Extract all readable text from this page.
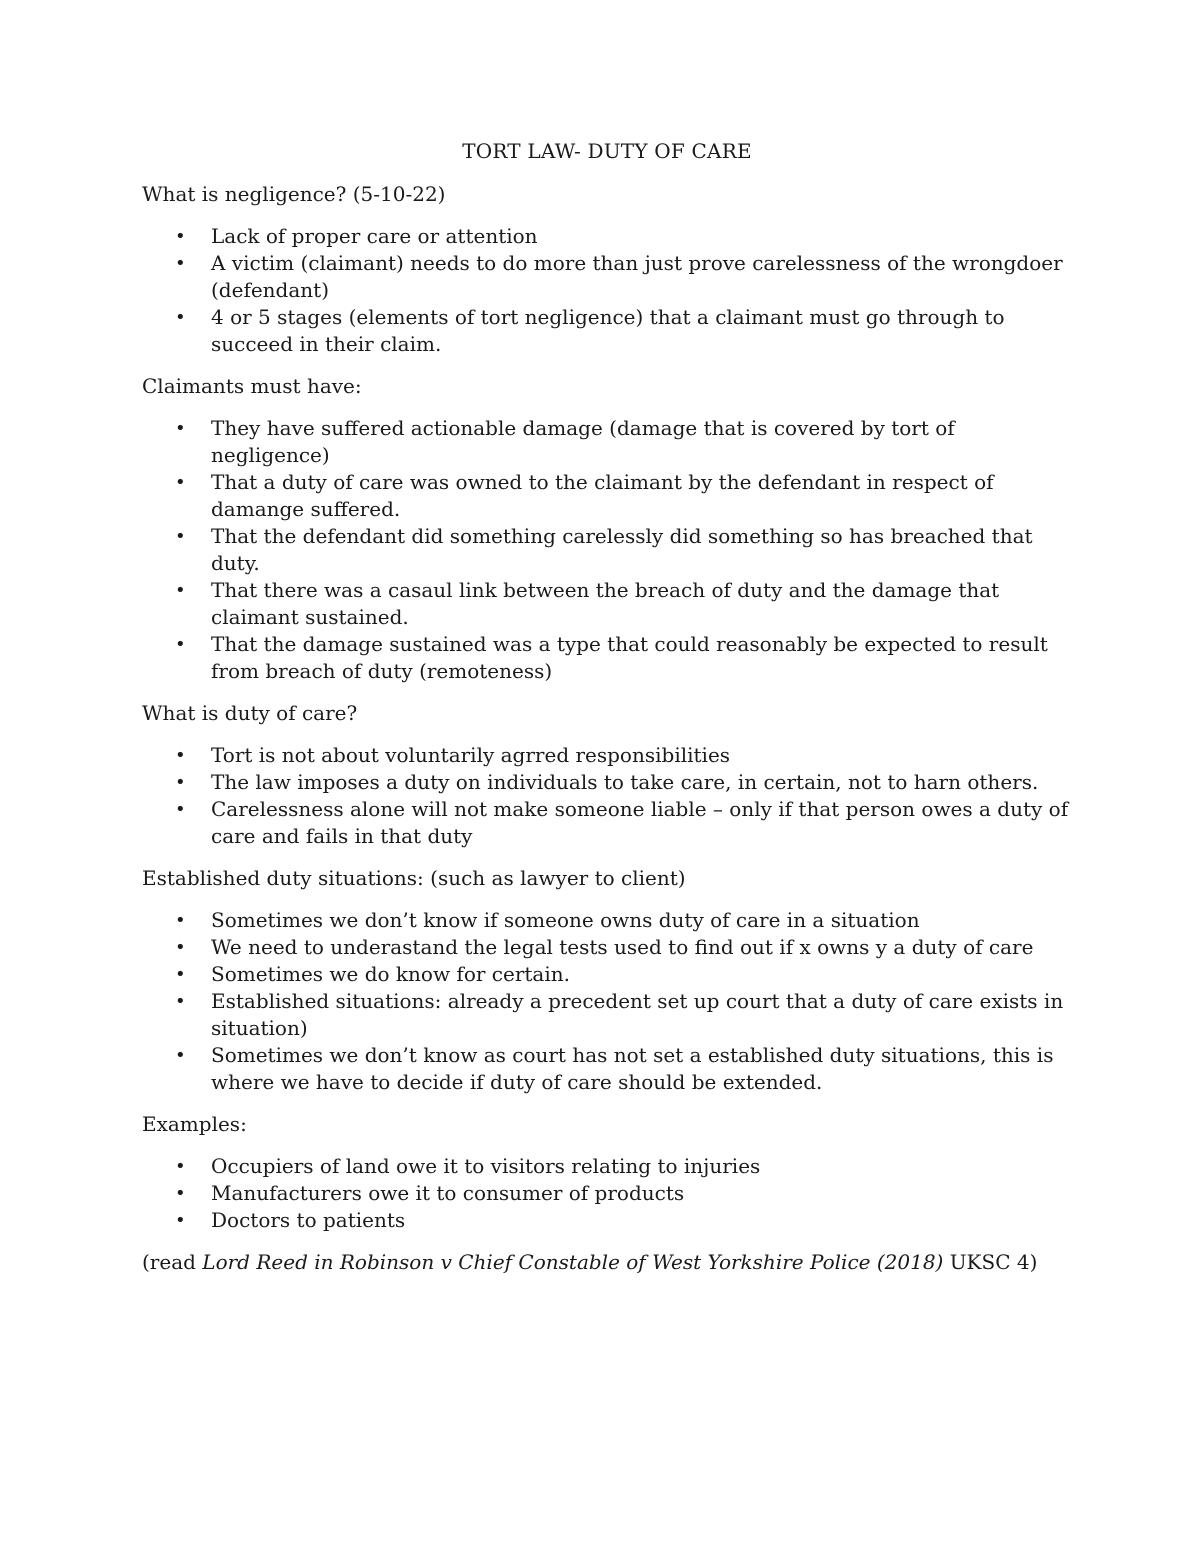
TORT LAW- DUTY OF CARE
What is negligence? (5-10-22)
• Lack of proper care or attention
• A victim (claimant) needs to do more than just prove carelessness of the wrongdoer (defendant)
• 4 or 5 stages (elements of tort negligence) that a claimant must go through to succeed in their claim.
Claimants must have:
• They have suffered actionable damage (damage that is covered by tort of negligence)
• That a duty of care was owned to the claimant by the defendant in respect of damange suffered.
• That the defendant did something carelessly did something so has breached that duty.
• That there was a casaul link between the breach of duty and the damage that claimant sustained.
• That the damage sustained was a type that could reasonably be expected to result from breach of duty (remoteness)
What is duty of care?
• Tort is not about voluntarily agrred responsibilities
• The law imposes a duty on individuals to take care, in certain, not to harn others.
• Carelessness alone will not make someone liable – only if that person owes a duty of care and fails in that duty
Established duty situations: (such as lawyer to client)
• Sometimes we don’t know if someone owns duty of care in a situation
• We need to underastand the legal tests used to find out if x owns y a duty of care
• Sometimes we do know for certain.
• Established situations: already a precedent set up court that a duty of care exists in situation)
• Sometimes we don’t know as court has not set a established duty situations, this is where we have to decide if duty of care should be extended.
Examples:
• Occupiers of land owe it to visitors relating to injuries
• Manufacturers owe it to consumer of products
• Doctors to patients

(read Lord Reed in Robinson v Chief Constable of West Yorkshire Police (2018) UKSC 4)
